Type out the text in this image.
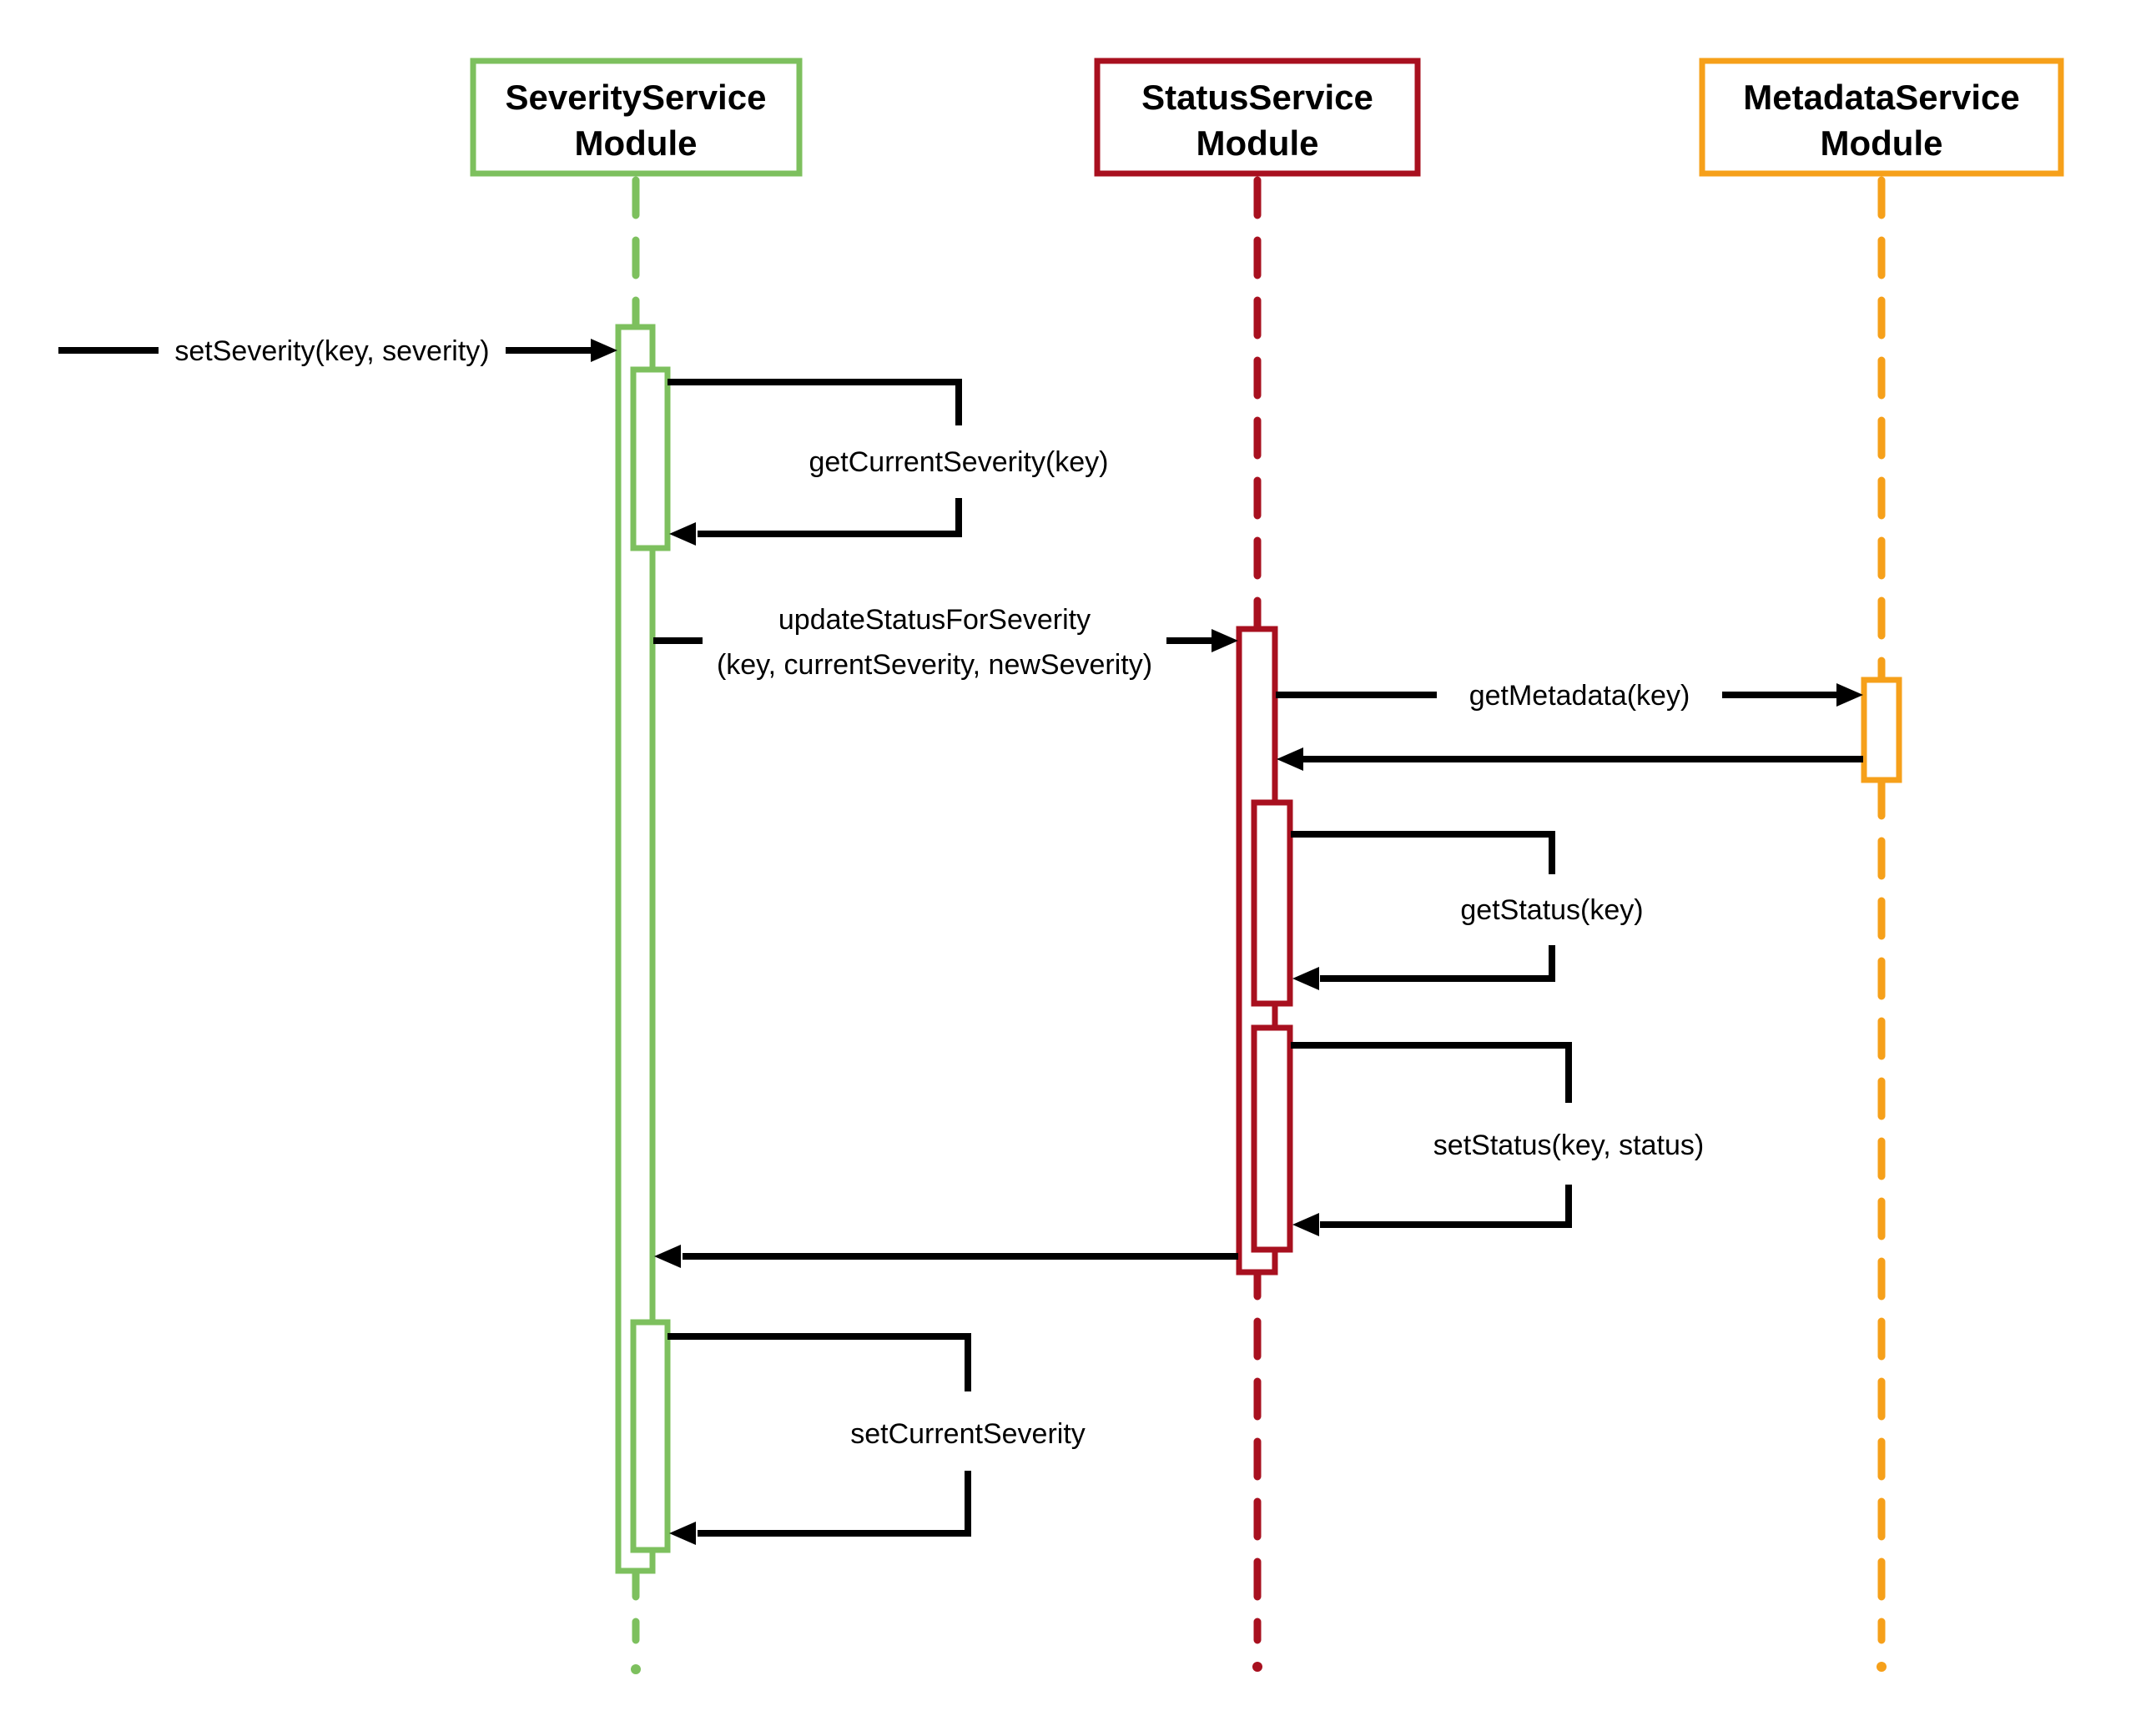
SeverityService
Module
StatusService
Module
MetadataService
Module
setSeverity(key, severity)
getCurrentSeverity(key)
updateStatusForSeverity
(key, currentSeverity, newSeverity)
getMetadata(key)
getStatus(key)
setStatus(key, status)
setCurrentSeverity
